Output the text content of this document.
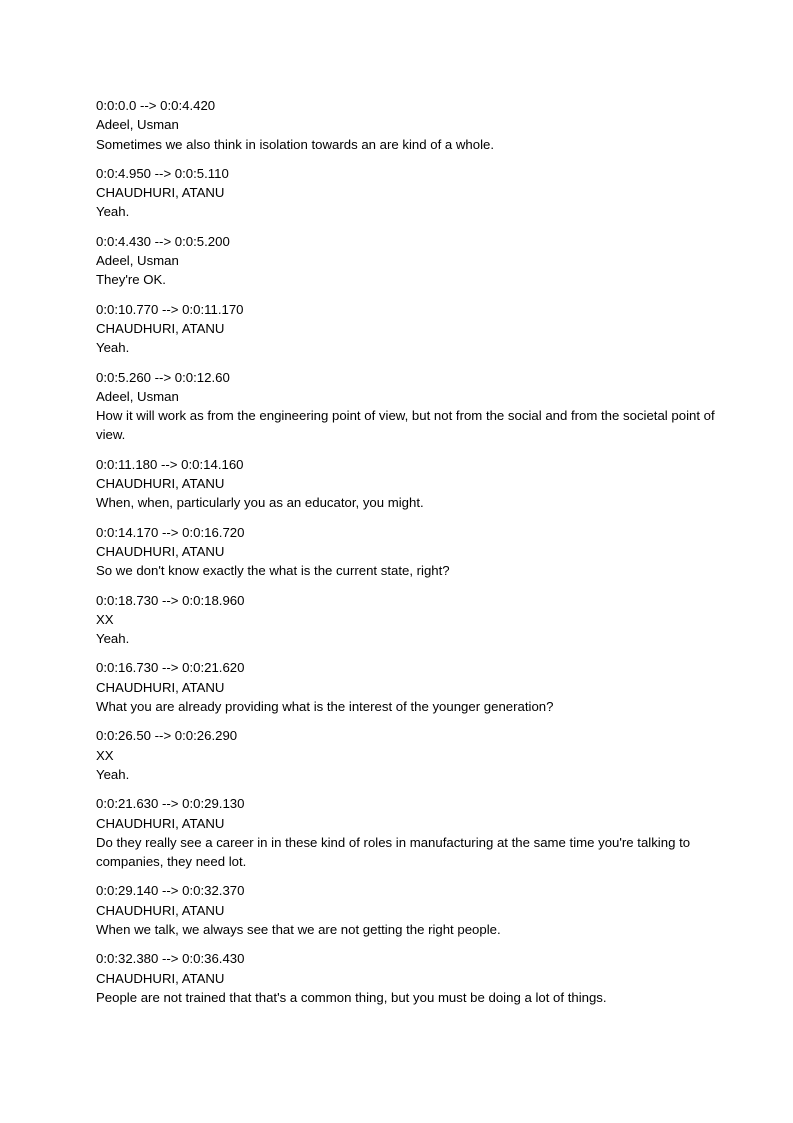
0:0:0.0 --> 0:0:4.420
Adeel, Usman
Sometimes we also think in isolation towards an are kind of a whole.
0:0:4.950 --> 0:0:5.110
CHAUDHURI, ATANU
Yeah.
0:0:4.430 --> 0:0:5.200
Adeel, Usman
They're OK.
0:0:10.770 --> 0:0:11.170
CHAUDHURI, ATANU
Yeah.
0:0:5.260 --> 0:0:12.60
Adeel, Usman
How it will work as from the engineering point of view, but not from the social and from the societal point of view.
0:0:11.180 --> 0:0:14.160
CHAUDHURI, ATANU
When, when, particularly you as an educator, you might.
0:0:14.170 --> 0:0:16.720
CHAUDHURI, ATANU
So we don't know exactly the what is the current state, right?
0:0:18.730 --> 0:0:18.960
XX
Yeah.
0:0:16.730 --> 0:0:21.620
CHAUDHURI, ATANU
What you are already providing what is the interest of the younger generation?
0:0:26.50 --> 0:0:26.290
XX
Yeah.
0:0:21.630 --> 0:0:29.130
CHAUDHURI, ATANU
Do they really see a career in in these kind of roles in manufacturing at the same time you're talking to companies, they need lot.
0:0:29.140 --> 0:0:32.370
CHAUDHURI, ATANU
When we talk, we always see that we are not getting the right people.
0:0:32.380 --> 0:0:36.430
CHAUDHURI, ATANU
People are not trained that that's a common thing, but you must be doing a lot of things.
